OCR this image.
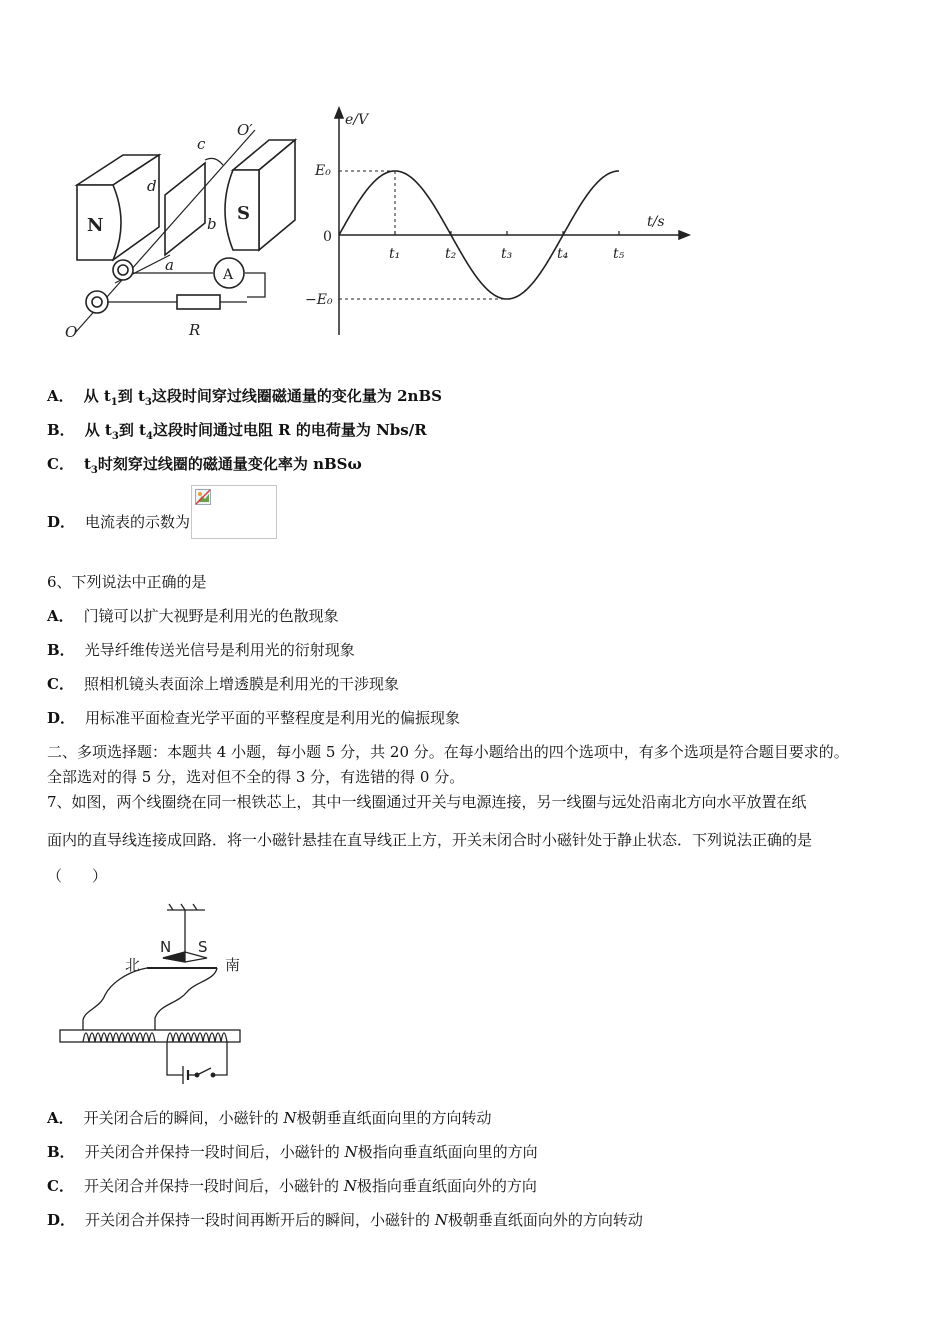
N
S
d
c
b
a
O′
O
A
R
e/V
t/s
E₀
0
−E₀
t₁	t₂	t₃	t₄	t₅
A． 从 $t_1$到 $t_3$这段时间穿过线圈磁通量的变化量为 2nBS
B． 从 $t_3$到 $t_4$这段时间通过电阻 R 的电荷量为 Nbs/R
C． $t_3$时刻穿过线圈的磁通量变化率为 nBSω
D． 电流表的示数为
6、下列说法中正确的是
A． 门镜可以扩大视野是利用光的色散现象
B． 光导纤维传送光信号是利用光的衍射现象
C． 照相机镜头表面涂上增透膜是利用光的干涉现象
D． 用标准平面检查光学平面的平整程度是利用光的偏振现象
二、多项选择题：本题共 4 小题，每小题 5 分，共 20 分。在每小题给出的四个选项中，有多个选项是符合题目要求的。
全部选对的得 5 分，选对但不全的得 3 分，有选错的得 0 分。
7、如图，两个线圈绕在同一根铁芯上，其中一线圈通过开关与电源连接，另一线圈与远处沿南北方向水平放置在纸
面内的直导线连接成回路．将一小磁针悬挂在直导线正上方，开关未闭合时小磁针处于静止状态．下列说法正确的是
（　　）
N S
北	南
A． 开关闭合后的瞬间，小磁针的 N极朝垂直纸面向里的方向转动
B． 开关闭合并保持一段时间后，小磁针的 N极指向垂直纸面向里的方向
C． 开关闭合并保持一段时间后，小磁针的 N极指向垂直纸面向外的方向
D． 开关闭合并保持一段时间再断开后的瞬间，小磁针的 N极朝垂直纸面向外的方向转动
